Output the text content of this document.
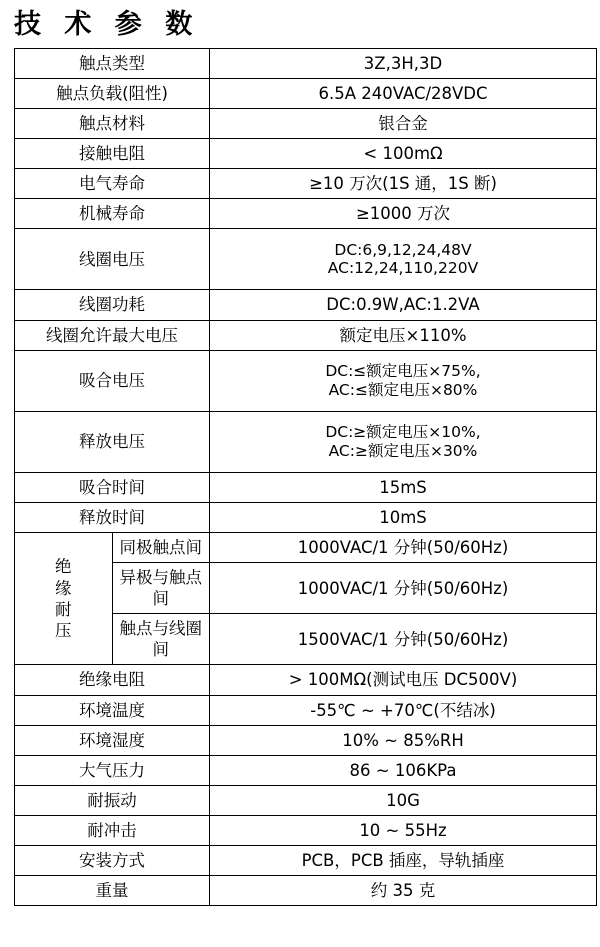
技 术 参 数
触点类型		3Z,3H,3D
触点负载(阻性)		6.5A 240VAC/28VDC
触点材料		银合金
接触电阻		< 100mΩ
电气寿命		≥10 万次(1S 通，1S 断)
机械寿命		≥1000 万次
线圈电压		DC:6,9,12,24,48V
AC:12,24,110,220V

线圈功耗		DC:0.9W,AC:1.2VA
线圈允许最大电压		额定电压×110%
吸合电压		DC:≤额定电压×75%,
AC:≤额定电压×80%

释放电压		DC:≥额定电压×10%,
AC:≥额定电压×30%

吸合时间		15mS
释放时间		10mS

绝缘耐压	同极触点间	1000VAC/1 分钟(50/60Hz)
	异极与触点间	1000VAC/1 分钟(50/60Hz)
	触点与线圈间	1500VAC/1 分钟(50/60Hz)
绝缘电阻		> 100MΩ(测试电压 DC500V)
环境温度		-55℃ ~ +70℃(不结冰)
环境湿度		10% ~ 85%RH
大气压力		86 ~ 106KPa
耐振动		10G
耐冲击		10 ~ 55Hz
安装方式		PCB，PCB 插座，导轨插座
重量		约 35 克
